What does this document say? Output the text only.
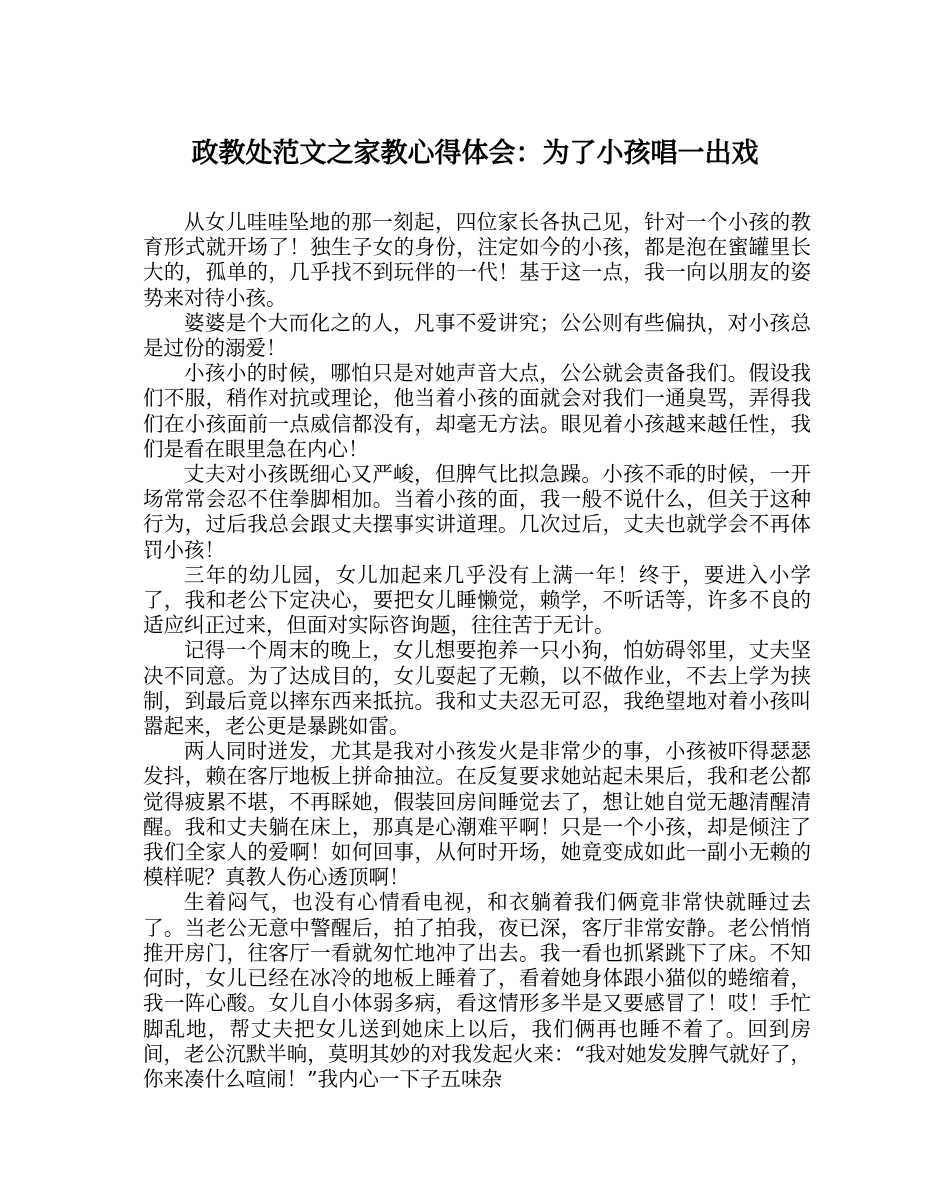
政教处范文之家教心得体会：为了小孩唱一出戏

从女儿哇哇坠地的那一刻起，四位家长各执己见，针对一个小孩的教育形式就开场了！独生子女的身份，注定如今的小孩，都是泡在蜜罐里长大的，孤单的，几乎找不到玩伴的一代！基于这一点，我一向以朋友的姿势来对待小孩。

婆婆是个大而化之的人，凡事不爱讲究；公公则有些偏执，对小孩总是过份的溺爱！

小孩小的时候，哪怕只是对她声音大点，公公就会责备我们。假设我们不服，稍作对抗或理论，他当着小孩的面就会对我们一通臭骂，弄得我们在小孩面前一点威信都没有，却毫无方法。眼见着小孩越来越任性，我们是看在眼里急在内心！

丈夫对小孩既细心又严峻，但脾气比拟急躁。小孩不乖的时候，一开场常常会忍不住拳脚相加。当着小孩的面，我一般不说什么，但关于这种行为，过后我总会跟丈夫摆事实讲道理。几次过后，丈夫也就学会不再体罚小孩！

三年的幼儿园，女儿加起来几乎没有上满一年！终于，要进入小学了，我和老公下定决心，要把女儿睡懒觉，赖学，不听话等，许多不良的适应纠正过来，但面对实际咨询题，往往苦于无计。

记得一个周末的晚上，女儿想要抱养一只小狗，怕妨碍邻里，丈夫坚决不同意。为了达成目的，女儿耍起了无赖，以不做作业，不去上学为挟制，到最后竟以摔东西来抵抗。我和丈夫忍无可忍，我绝望地对着小孩叫嚣起来，老公更是暴跳如雷。

两人同时迸发，尤其是我对小孩发火是非常少的事，小孩被吓得瑟瑟发抖，赖在客厅地板上拼命抽泣。在反复要求她站起未果后，我和老公都觉得疲累不堪，不再睬她，假装回房间睡觉去了，想让她自觉无趣清醒清醒。我和丈夫躺在床上，那真是心潮难平啊！只是一个小孩，却是倾注了我们全家人的爱啊！如何回事，从何时开场，她竟变成如此一副小无赖的模样呢？真教人伤心透顶啊！

生着闷气，也没有心情看电视，和衣躺着我们俩竟非常快就睡过去了。当老公无意中警醒后，拍了拍我，夜已深，客厅非常安静。老公悄悄推开房门，往客厅一看就匆忙地冲了出去。我一看也抓紧跳下了床。不知何时，女儿已经在冰冷的地板上睡着了，看着她身体跟小猫似的蜷缩着，我一阵心酸。女儿自小体弱多病，看这情形多半是又要感冒了！哎！手忙脚乱地，帮丈夫把女儿送到她床上以后，我们俩再也睡不着了。回到房间，老公沉默半晌，莫明其妙的对我发起火来：“我对她发发脾气就好了，你来凑什么喧闹！”我内心一下子五味杂
